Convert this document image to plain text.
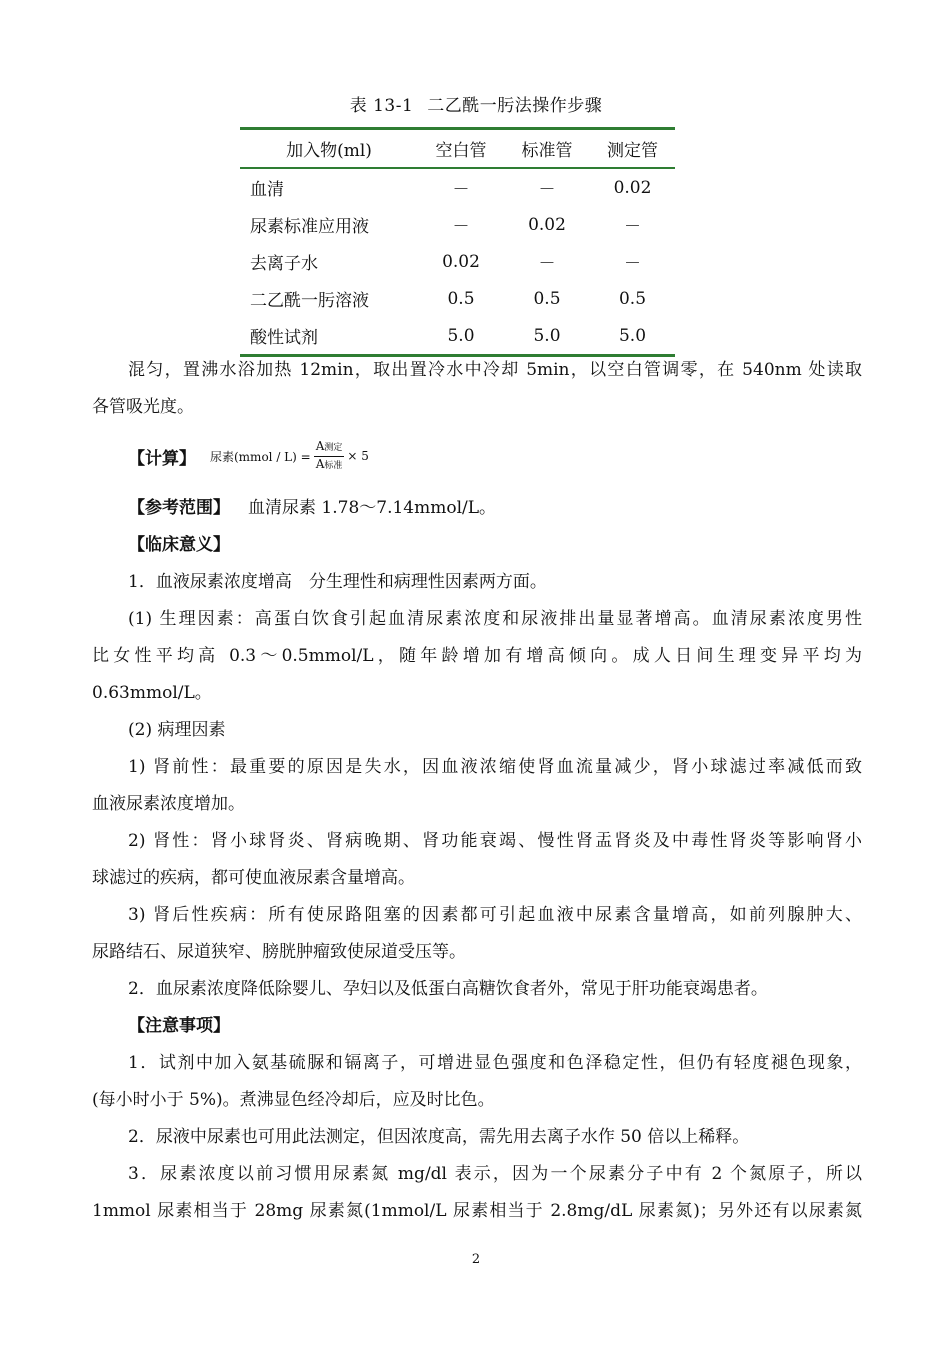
表 13-1 二乙酰一肟法操作步骤
加入物(ml)	空白管	标准管	测定管
血清	－	－	0.02
尿素标准应用液	－	0.02	－
去离子水	0.02	－	－
二乙酰一肟溶液	0.5	0.5	0.5
酸性试剂	5.0	5.0	5.0
混匀，置沸水浴加热 12min，取出置冷水中冷却 5min，以空白管调零，在 540nm 处读取
各管吸光度。
【计算】 尿素(mmol / $L) = \frac{\text{A测定}}{\text{A标准}} \times 5$
【参考范围】 血清尿素 1.78～7.14mmol/L。
【临床意义】
1．血液尿素浓度增高　分生理性和病理性因素两方面。
(1) 生理因素：高蛋白饮食引起血清尿素浓度和尿液排出量显著增高。血清尿素浓度男性
比女性平均高 0.3～0.5mmol/L，随年龄增加有增高倾向。成人日间生理变异平均为
0.63mmol/L。
(2) 病理因素
1) 肾前性：最重要的原因是失水，因血液浓缩使肾血流量减少，肾小球滤过率减低而致
血液尿素浓度增加。
2) 肾性：肾小球肾炎、肾病晚期、肾功能衰竭、慢性肾盂肾炎及中毒性肾炎等影响肾小
球滤过的疾病，都可使血液尿素含量增高。
3) 肾后性疾病：所有使尿路阻塞的因素都可引起血液中尿素含量增高，如前列腺肿大、
尿路结石、尿道狭窄、膀胱肿瘤致使尿道受压等。
2．血尿素浓度降低除婴儿、孕妇以及低蛋白高糖饮食者外，常见于肝功能衰竭患者。
【注意事项】
1．试剂中加入氨基硫脲和镉离子，可增进显色强度和色泽稳定性，但仍有轻度褪色现象，
(每小时小于 5%)。煮沸显色经冷却后，应及时比色。
2．尿液中尿素也可用此法测定，但因浓度高，需先用去离子水作 50 倍以上稀释。
3．尿素浓度以前习惯用尿素氮 mg/dl 表示，因为一个尿素分子中有 2 个氮原子，所以
1mmol 尿素相当于 28mg 尿素氮(1mmol/L 尿素相当于 2.8mg/dL 尿素氮)；另外还有以尿素氮
2
